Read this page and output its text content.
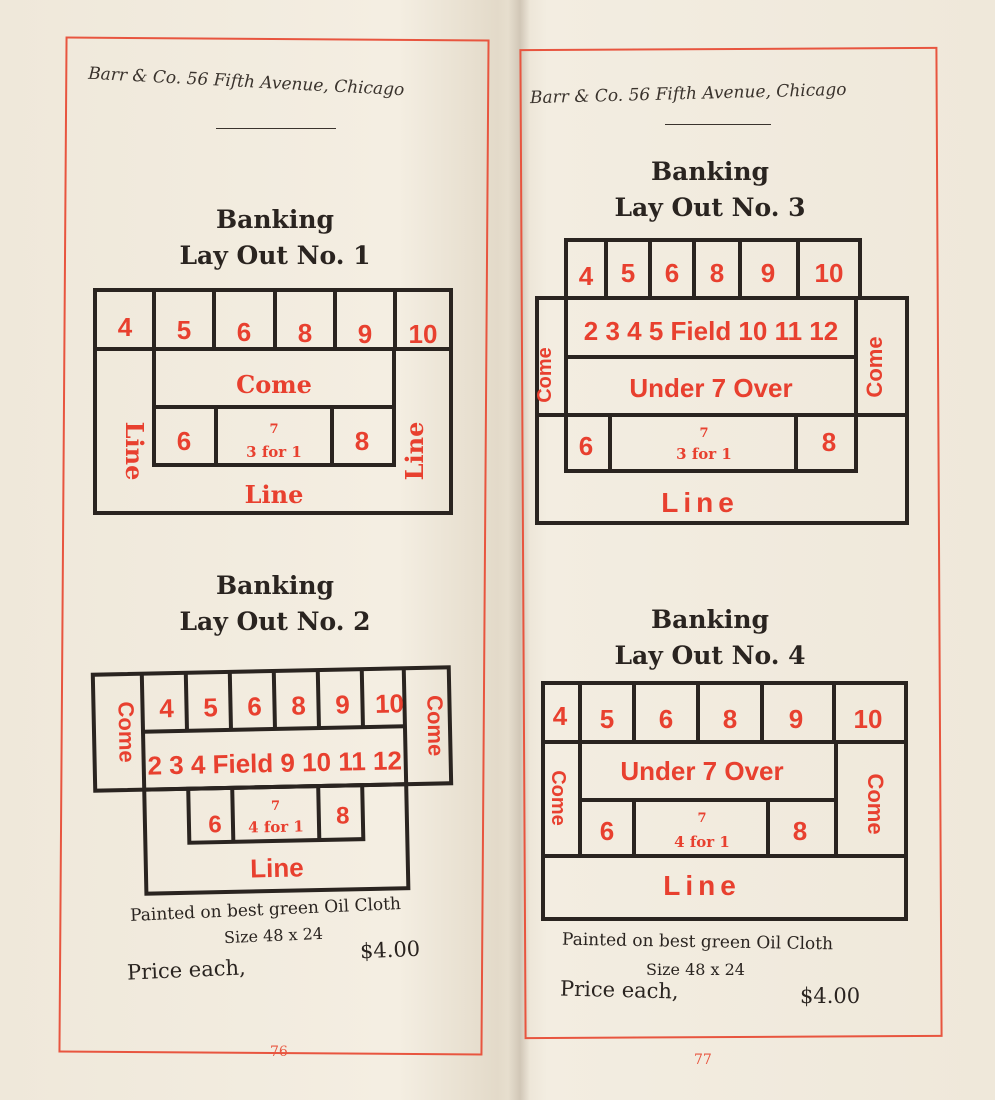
Barr & Co. 56 Fifth Avenue, Chicago
Banking
Lay Out No. 1
4 5 6 8 9 10
Come
6	8
7
3 for 1
Line	Line
Line
Banking
Lay Out No. 2
Come	Come
4 5 6 8 9 10
2 3 4 Field 9 10 11 12
6	8
7
4 for 1
Line
Painted on best green Oil Cloth
Size 48 x 24
Price each,
$4.00
76
Barr & Co. 56 Fifth Avenue, Chicago
Banking
Lay Out No. 3
4 5 6 8 9 10
2 3 4 5 Field 10 11 12
Under 7 Over
Come	Come
6	8
7
3 for 1
Line
Banking
Lay Out No. 4
4 5 6 8 9 10
Under 7 Over
Come	Come
6	8
7
4 for 1
Line
Painted on best green Oil Cloth
Size 48 x 24
Price each,	$4.00
77
